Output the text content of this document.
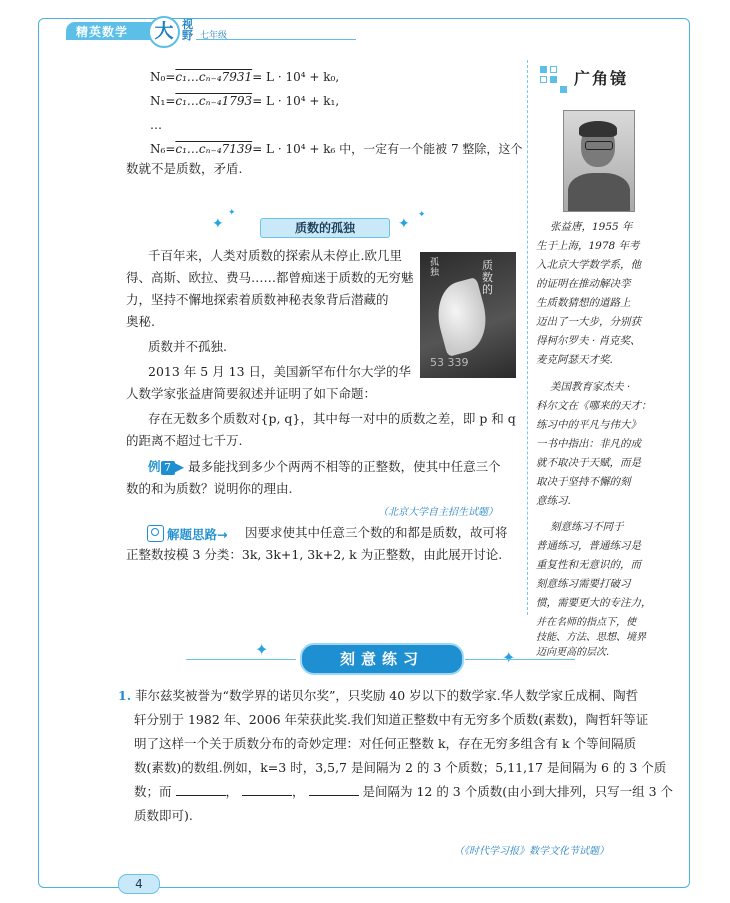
精英数学	大 视野 七年级
N₀=c₁…cₙ₋₄7931= L · 10⁴ + k₀,
N₁=c₁…cₙ₋₄1793= L · 10⁴ + k₁,
…
N₆=c₁…cₙ₋₄7139= L · 10⁴ + k₆ 中，一定有一个能被 7 整除，这个
数就不是质数，矛盾.
✦
✦
质数的孤独	✦
✦
孤独
质数的
53 339
千百年来，人类对质数的探索从未停止.欧几里
得、高斯、欧拉、费马……都曾痴迷于质数的无穷魅
力，坚持不懈地探索着质数神秘表象背后潜藏的
奥秘.
质数并不孤独.
2013 年 5 月 13 日，美国新罕布什尔大学的华
人数学家张益唐简要叙述并证明了如下命题：
存在无数多个质数对{p, q}，其中每一对中的质数之差，即 p 和 q
的距离不超过七千万.
例 7 ▶ 最多能找到多少个两两不相等的正整数，使其中任意三个
数的和为质数？说明你的理由.
（北京大学自主招生试题）
解题思路→ 因要求使其中任意三个数的和都是质数，故可将
正整数按模 3 分类：3k, 3k+1, 3k+2, k 为正整数，由此展开讨论.
广角镜
张益唐，1955 年
生于上海，1978 年考
入北京大学数学系，他
的证明在推动解决孪
生质数猜想的道路上
迈出了一大步，分别获
得柯尔罗夫 · 肖克奖、
麦克阿瑟天才奖.
美国教育家杰夫 ·
科尔文在《哪来的天才：
练习中的平凡与伟大》
一书中指出：非凡的成
就不取决于天赋，而是
取决于坚持不懈的刻
意练习.
刻意练习不同于
普通练习，普通练习是
重复性和无意识的，而
刻意练习需要打破习
惯，需要更大的专注力，
并在名师的指点下，使
技能、方法、思想、境界
迈向更高的层次.
✦	刻意练习	✦
1. 菲尔兹奖被誉为“数学界的诺贝尔奖”，只奖励 40 岁以下的数学家.华人数学家丘成桐、陶哲
轩分别于 1982 年、2006 年荣获此奖.我们知道正整数中有无穷多个质数(素数)，陶哲轩等证
明了这样一个关于质数分布的奇妙定理：对任何正整数 k，存在无穷多组含有 k 个等间隔质
数(素数)的数组.例如，k=3 时，3,5,7 是间隔为 2 的 3 个质数；5,11,17 是间隔为 6 的 3 个质
数；而	，	，	是间隔为 12 的 3 个质数(由小到大排列，只写一组 3 个
质数即可).
（《时代学习报》数学文化节试题）
4
